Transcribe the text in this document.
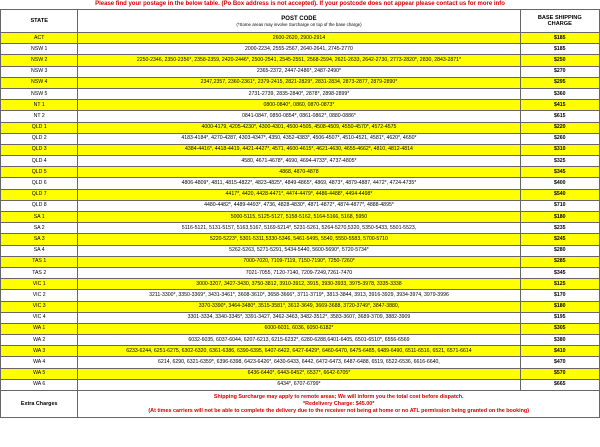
Please find your postage in the below table. (Po Box address is not accepted). If your postcode does not appear please contact us for more info
STATE	POST CODE
(*Some areas may involve Surcharge on top of the base charge)	BASE SHIPPING
CHARGE

ACT	2600-2620, 2900-2914	$185
NSW 1	2000-2234, 2555-2567, 2640-2641, 2745-2770	$185
NSW 2	2250-2346, 2350-2356*, 2358-2359, 2420-2446*, 2500-2541, 2545-2551, 2568-2594, 2621-2633, 2642-2730, 2773-2820*, 2830, 2843-2871*	$250
NSW 3	2365-2372, 2447-2486*, 2487-2490*	$270
NSW 4	2347,2357, 2360-2361*, 2379-2415, 2821-2829*, 2831-2834, 2873-2877, 2879-2890*	$295
NSW 5	2731-2739, 2835-2840*, 2878*, 2898-2899*	$360
NT 1	0800-0840*, 0860, 0870-0873*	$415
NT 2	0841-0847, 0850-0854*, 0861-0862*, 0880-0886*	$615
QLD 1	4000-4179, 4205-4230*, 4300-4301, 4500-4505, 4508-4509, 4550-4570*, 4572-4575	$220
QLD 2	4183-4184*, 4270-4287, 4303-4347*, 4350, 4352-4383*, 4506-4507*, 4510-4521, 4581*, 4620*, 4650*	$260
QLD 3	4384-4416*, 4418-4419, 4421-4427*, 4571, 4600-4615*, 4621-4630, 4655-4662*, 4810, 4812-4814	$310
QLD 4	4580, 4671-4678*, 4690, 4694-4733*, 4737-4805*	$325
QLD 5	4868, 4870-4878	$345
QLD 6	4806-4809*, 4811, 4815-4822*, 4823-4825*, 4849-4865*, 4869, 4873*, 4879-4887, 4472*, 4724-4735*	$400
QLD 7	4417*, 4420, 4428-4471*, 4474-4479*, 4486-4488*, 4494-4498*	$540
QLD 8	4480-4482*, 4489-4493*, 4736, 4828-4830*, 4871-4872*, 4874-4877*, 4888-4895*	$710
SA 1	5000-5115, 5125-5127, 5158-5162, 5164-5166, 5168, 5950	$180
SA 2	5116-5121, 5131-5157, 5163,5167, 5169-5214*, 5231-5261, 5264-5270,5320, 5350-5433, 5501-5523,	$235
SA 3	5220-5223*, 5301-5311,5330-5346, 5461-5495, 5540, 5550-5583, 5700-5710	$245
SA 4	5262-5263, 5271-5291, 5434-5440, 5600-5690*, 5720-5734*	$280
TAS 1	7000-7020, 7109-7119, 7150-7190*, 7250-7260*	$285
TAS 2	7021-7055, 7120-7140, 7209-7249,7261-7470	$345
VIC 1	3000-3207, 3427-3430, 3750-3812, 3910-3912, 3915, 3930-3933, 3975-3978, 3335-3338	$125
VIC 2	3211-3300*, 3350-3369*, 3431-3461*, 3608-3610*, 3658-3666*, 3711-3719*, 3813-3844, 3913, 3916-3929, 3934-3974, 3979-3996	$170
VIC 3	3370-3390*, 3464-3480*, 3515-3581*, 3612-3649, 3669-3688, 3720-3749*, 3847-3880,	$180
VIC 4	3301-3334, 3340-3345*, 3391-3427, 3462-3463, 3482-3512*, 3583-3607, 3689-3709, 3882-3909	$195
WA 1	6000-6031, 6036, 6050-6182*	$305
WA 2	6032-6035, 6037-6044, 6207-6213, 6215-6232*, 6280-6288,6401-6405, 6501-6510*, 6556-6569	$380
WA 3	6233-6244, 6251-6275, 6302-6320, 6361-6386, 6390-6395, 6407-6422, 6427-6429*, 6460-6470, 6475-6485, 6489-6490, 6511-6516, 6521, 6571-6614	$410
WA 4	6214, 6290, 6321-6359*, 6396-6398, 6423-6426*, 6430-6433, 6442, 6472-6473, 6487-6488, 6519, 6522-6536, 6616-6640,	$470
WA 5	6436-6440*, 6443-6452*, 6537*, 6642-6705*	$570
WA 6	6434*, 6707-6799*	$665
Extra Charges	Shipping Surcharge may apply to remote areas; We will inform you the total cost before dispatch.
*Redelivery Charge: $45.00*
(At times carriers will not be able to complete the delivery due to the receiver not being at home or no ATL permission being granted on the booking)	
